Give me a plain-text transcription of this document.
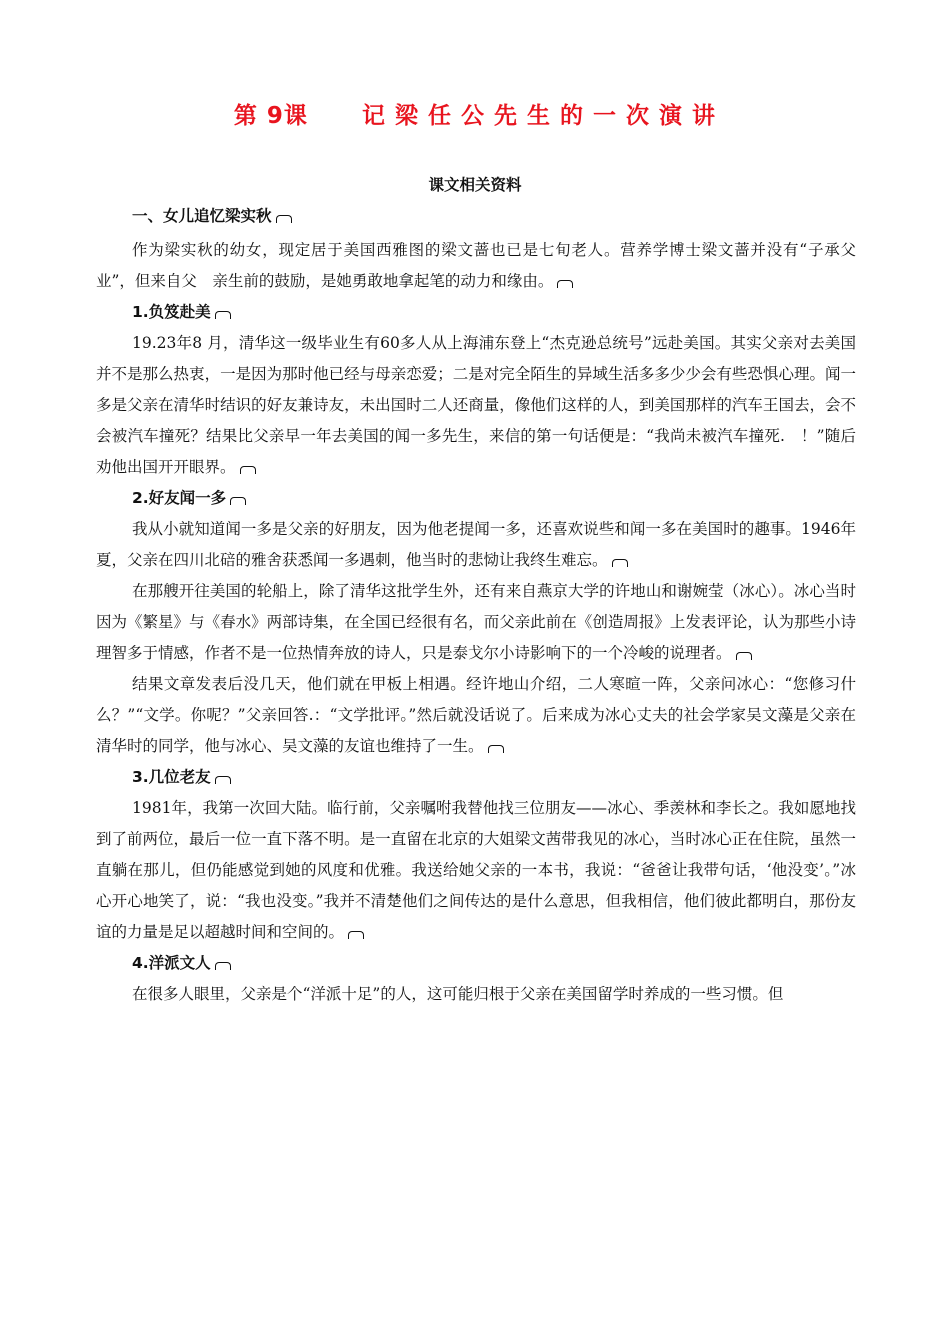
第 9课      记 梁 任 公 先 生 的 一 次 演 讲
课文相关资料
一、女儿追忆梁实秋

作为梁实秋的幼女，现定居于美国西雅图的梁文蔷也已是七旬老人。营养学博士梁文蔷并没有“子承父业”，但来自父　亲生前的鼓励，是她勇敢地拿起笔的动力和缘由。

1.负笈赴美

19.23年8 月，清华这一级毕业生有60多人从上海浦东登上“杰克逊总统号”远赴美国。其实父亲对去美国并不是那么热衷，一是因为那时他已经与母亲恋爱；二是对完全陌生的异域生活多多少少会有些恐惧心理。闻一多是父亲在清华时结识的好友兼诗友，未出国时二人还商量，像他们这样的人，到美国那样的汽车王国去，会不会被汽车撞死？结果比父亲早一年去美国的闻一多先生，来信的第一句话便是：“我尚未被汽车撞死.　！”随后劝他出国开开眼界。

2.好友闻一多

我从小就知道闻一多是父亲的好朋友，因为他老提闻一多，还喜欢说些和闻一多在美国时的趣事。1946年夏，父亲在四川北碚的雅舍获悉闻一多遇刺，他当时的悲恸让我终生难忘。

在那艘开往美国的轮船上，除了清华这批学生外，还有来自燕京大学的许地山和谢婉莹（冰心）。冰心当时因为《繁星》与《春水》两部诗集，在全国已经很有名，而父亲此前在《创造周报》上发表评论，认为那些小诗理智多于情感，作者不是一位热情奔放的诗人，只是泰戈尔小诗影响下的一个冷峻的说理者。

结果文章发表后没几天，他们就在甲板上相遇。经许地山介绍，二人寒暄一阵，父亲问冰心：“您修习什么？”“文学。你呢？”父亲回答.：“文学批评。”然后就没话说了。后来成为冰心丈夫的社会学家吴文藻是父亲在清华时的同学，他与冰心、吴文藻的友谊也维持了一生。

3.几位老友

1981年，我第一次回大陆。临行前，父亲嘱咐我替他找三位朋友——冰心、季羡林和李长之。我如愿地找到了前两位，最后一位一直下落不明。是一直留在北京的大姐梁文茜带我见的冰心，当时冰心正在住院，虽然一直躺在那儿，但仍能感觉到她的风度和优雅。我送给她父亲的一本书，我说：“爸爸让我带句话，‘他没变’。”冰心开心地笑了，说：“我也没变。”我并不清楚他们之间传达的是什么意思，但我相信，他们彼此都明白，那份友谊的力量是足以超越时间和空间的。

4.洋派文人

在很多人眼里，父亲是个“洋派十足”的人，这可能归根于父亲在美国留学时养成的一些习惯。但
